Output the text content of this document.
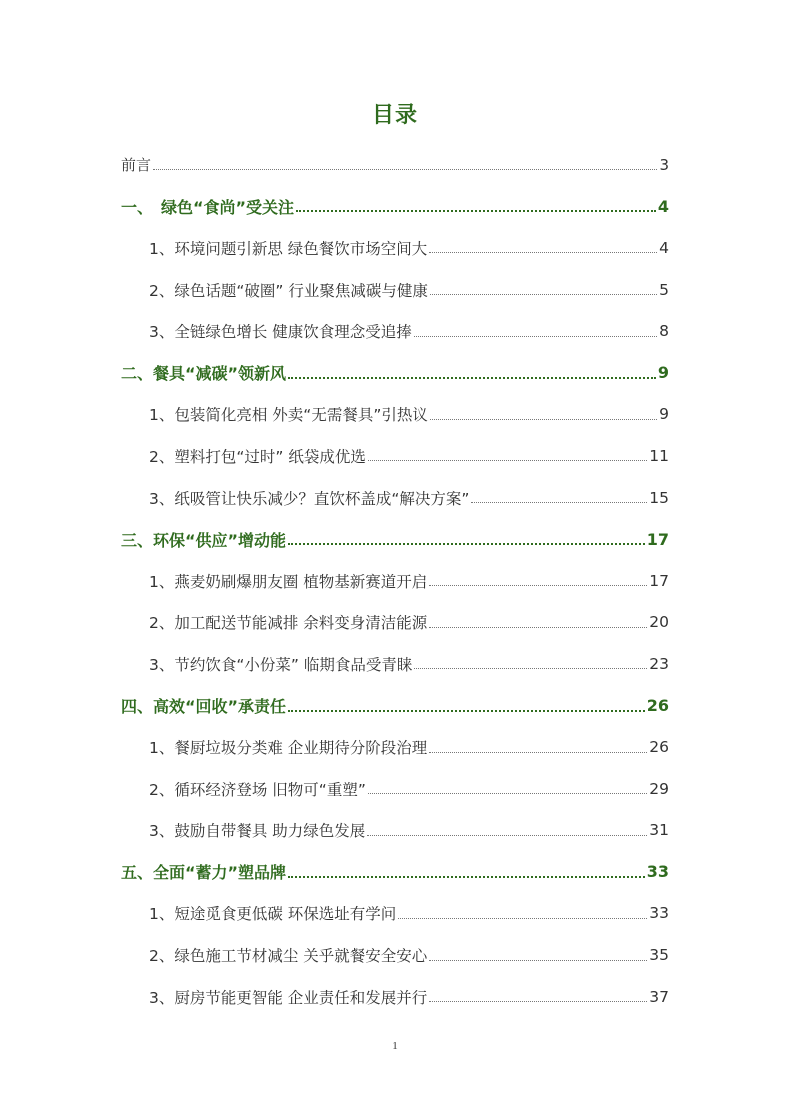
目录
前言	3
一、　绿色“食尚”受关注	4
1、环境问题引新思 绿色餐饮市场空间大	4
2、绿色话题“破圈” 行业聚焦减碳与健康	5
3、全链绿色增长 健康饮食理念受追捧	8
二、餐具“减碳”领新风	9
1、包装简化亮相 外卖“无需餐具”引热议	9
2、塑料打包“过时” 纸袋成优选	11
3、纸吸管让快乐减少？直饮杯盖成“解决方案”	15
三、环保“供应”增动能	17
1、燕麦奶刷爆朋友圈 植物基新赛道开启	17
2、加工配送节能减排 余料变身清洁能源	20
3、节约饮食“小份菜” 临期食品受青睐	23
四、高效“回收”承责任	26
1、餐厨垃圾分类难 企业期待分阶段治理	26
2、循环经济登场 旧物可“重塑”	29
3、鼓励自带餐具 助力绿色发展	31
五、全面“蓄力”塑品牌	33
1、短途觅食更低碳 环保选址有学问	33
2、绿色施工节材减尘 关乎就餐安全安心	35
3、厨房节能更智能 企业责任和发展并行	37
1
